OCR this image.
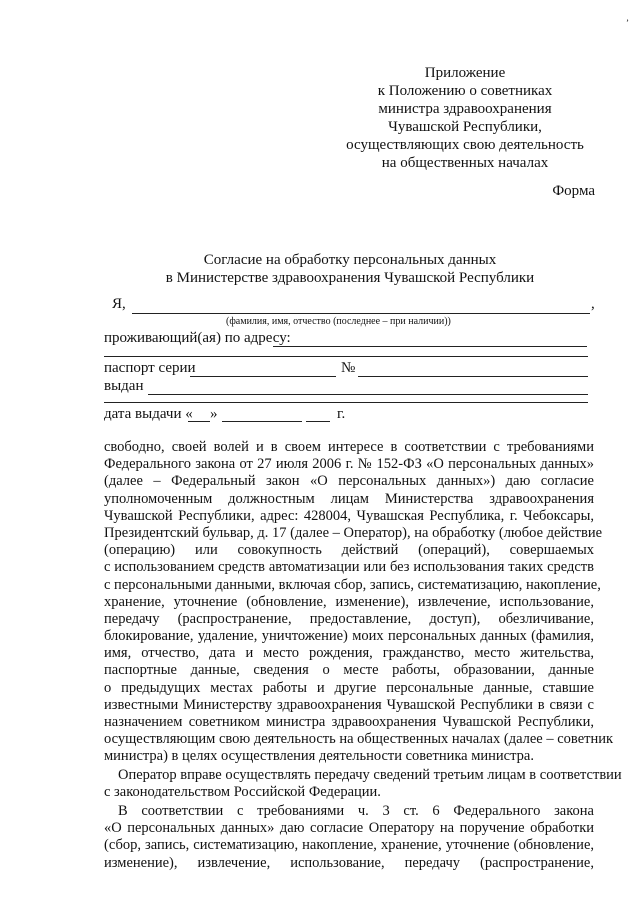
ʼ
Приложение
к Положению о советниках
министра здравоохранения
Чувашской Республики,
осуществляющих свою деятельность
на общественных началах
Форма
Согласие на обработку персональных данных
в Министерстве здравоохранения Чувашской Республики
Я,	,
(фамилия, имя, отчество (последнее – при наличии))
проживающий(ая) по адресу:
паспорт серии	№
выдан
дата выдачи « »	г.
свободно, своей волей и в своем интересе в соответствии с требованиями
Федерального закона от 27 июля 2006 г. № 152-ФЗ «О персональных данных»
(далее – Федеральный закон «О персональных данных») даю согласие
уполномоченным должностным лицам Министерства здравоохранения
Чувашской Республики, адрес: 428004, Чувашская Республика, г. Чебоксары,
Президентский бульвар, д. 17 (далее – Оператор), на обработку (любое действие
(операцию) или совокупность действий (операций), совершаемых
с использованием средств автоматизации или без использования таких средств
с персональными данными, включая сбор, запись, систематизацию, накопление,
хранение, уточнение (обновление, изменение), извлечение, использование,
передачу (распространение, предоставление, доступ), обезличивание,
блокирование, удаление, уничтожение) моих персональных данных (фамилия,
имя, отчество, дата и место рождения, гражданство, место жительства,
паспортные данные, сведения о месте работы, образовании, данные
о предыдущих местах работы и другие персональные данные, ставшие
известными Министерству здравоохранения Чувашской Республики в связи с
назначением советником министра здравоохранения Чувашской Республики,
осуществляющим свою деятельность на общественных началах (далее – советник
министра) в целях осуществления деятельности советника министра.
Оператор вправе осуществлять передачу сведений третьим лицам в соответствии
с законодательством Российской Федерации.
В соответствии с требованиями ч. 3 ст. 6 Федерального закона
«О персональных данных» даю согласие Оператору на поручение обработки
(сбор, запись, систематизацию, накопление, хранение, уточнение (обновление,
изменение), извлечение, использование, передачу (распространение,
